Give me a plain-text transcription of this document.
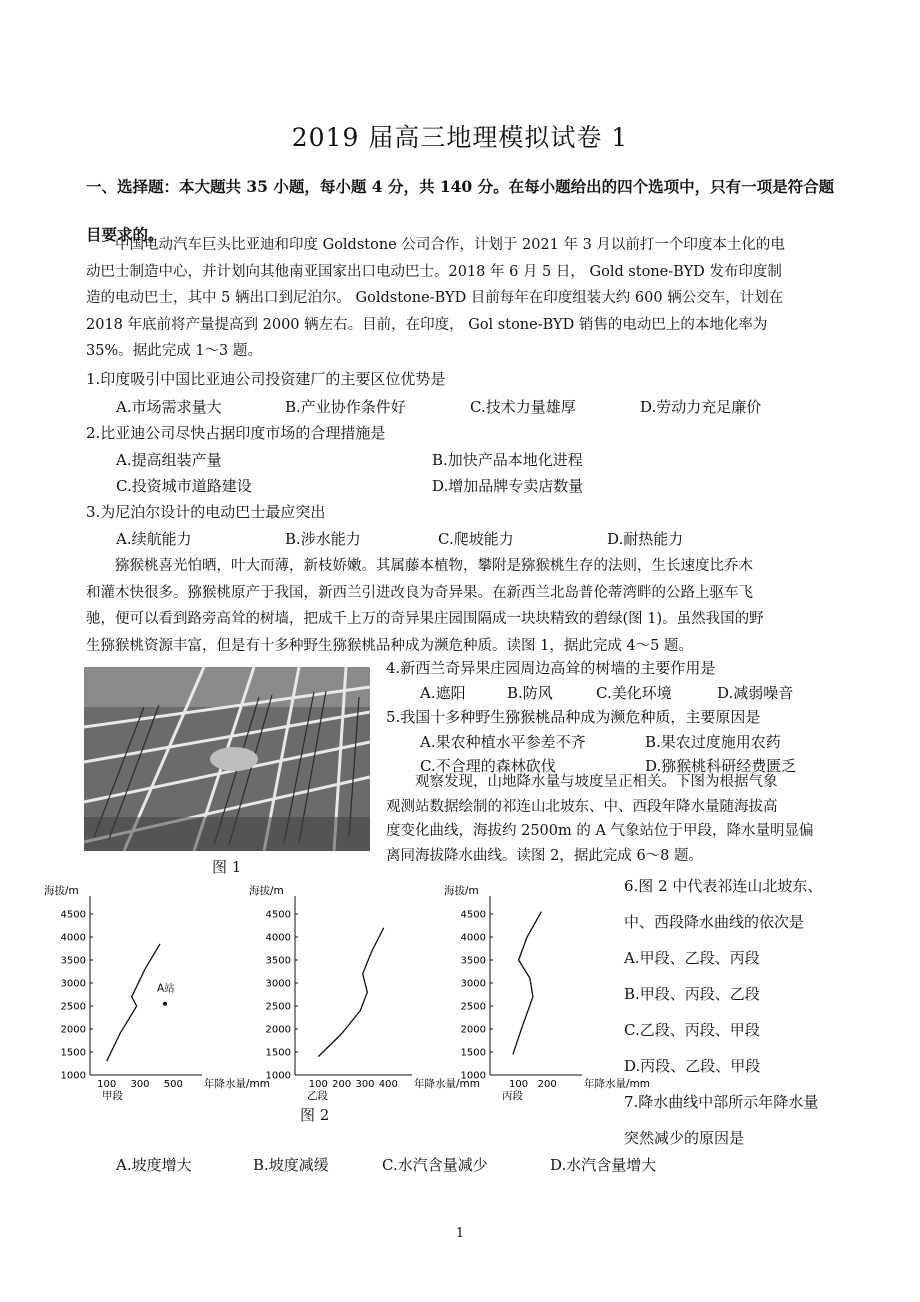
2019 届高三地理模拟试卷 1
一、选择题：本大题共 35 小题，每小题 4 分，共 140 分。在每小题给出的四个选项中，只有一项是符合题目要求的。
中国电动汽车巨头比亚迪和印度 Goldstone 公司合作，计划于 2021 年 3 月以前打一个印度本土化的电
动巴士制造中心，并计划向其他南亚国家出口电动巴士。2018 年 6 月 5 日， Gold stone-BYD 发布印度制
造的电动巴士，其中 5 辆出口到尼泊尔。 Goldstone-BYD 目前每年在印度组装大约 600 辆公交车，计划在
2018 年底前将产量提高到 2000 辆左右。目前，在印度， Gol stone-BYD 销售的电动巴上的本地化率为
35%。据此完成 1～3 题。
1.印度吸引中国比亚迪公司投资建厂的主要区位优势是
A.市场需求量大	B.产业协作条件好	C.技术力量雄厚	D.劳动力充足廉价
2.比亚迪公司尽快占据印度市场的合理措施是
A.提高组装产量	B.加快产品本地化进程
C.投资城市道路建设	D.增加品牌专卖店数量
3.为尼泊尔设计的电动巴士最应突出
A.续航能力	B.涉水能力	C.爬坡能力	D.耐热能力
猕猴桃喜光怕晒，叶大而薄，新枝娇嫩。其属藤本植物，攀附是猕猴桃生存的法则，生长速度比乔木
和灌木快很多。猕猴桃原产于我国，新西兰引进改良为奇异果。在新西兰北岛普伦蒂湾畔的公路上驱车飞
驰，便可以看到路旁高耸的树墙，把成千上万的奇异果庄园围隔成一块块精致的碧绿(图 1)。虽然我国的野
生猕猴桃资源丰富，但是有十多种野生猕猴桃品种成为濒危种质。读图 1，据此完成 4～5 题。
图 1
4.新西兰奇异果庄园周边高耸的树墙的主要作用是
A.遮阳	B.防风	C.美化环境	D.减弱噪音
5.我国十多种野生猕猴桃品种成为濒危种质，主要原因是
A.果农种植水平参差不齐	B.果农过度施用农药
C.不合理的森林砍伐	D.猕猴桃科研经费匮乏
观察发现，山地降水量与坡度呈正相关。下图为根据气象
观测站数据绘制的祁连山北坡东、中、西段年降水量随海拔高
度变化曲线，海拔约 2500m 的 A 气象站位于甲段，降水量明显偏
离同海拔降水曲线。读图 2，据此完成 6～8 题。
海拔/m
1000
1500
2000
2500
3000
3500
4000
4500
100 300 500 年降水量/mm
甲段
A站
海拔/m
1000
1500
2000
2500
3000
3500
4000
4500
100 200 300 400 年降水量/mm
乙段
海拔/m
1000
1500
2000
2500
3000
3500
4000
4500
100 200	年降水量/mm
丙段
图 2
6.图 2 中代表祁连山北坡东、
中、西段降水曲线的依次是
A.甲段、乙段、丙段
B.甲段、丙段、乙段
C.乙段、丙段、甲段
D.丙段、乙段、甲段
7.降水曲线中部所示年降水量
突然减少的原因是
A.坡度增大	B.坡度减缓	C.水汽含量减少	D.水汽含量增大
1
